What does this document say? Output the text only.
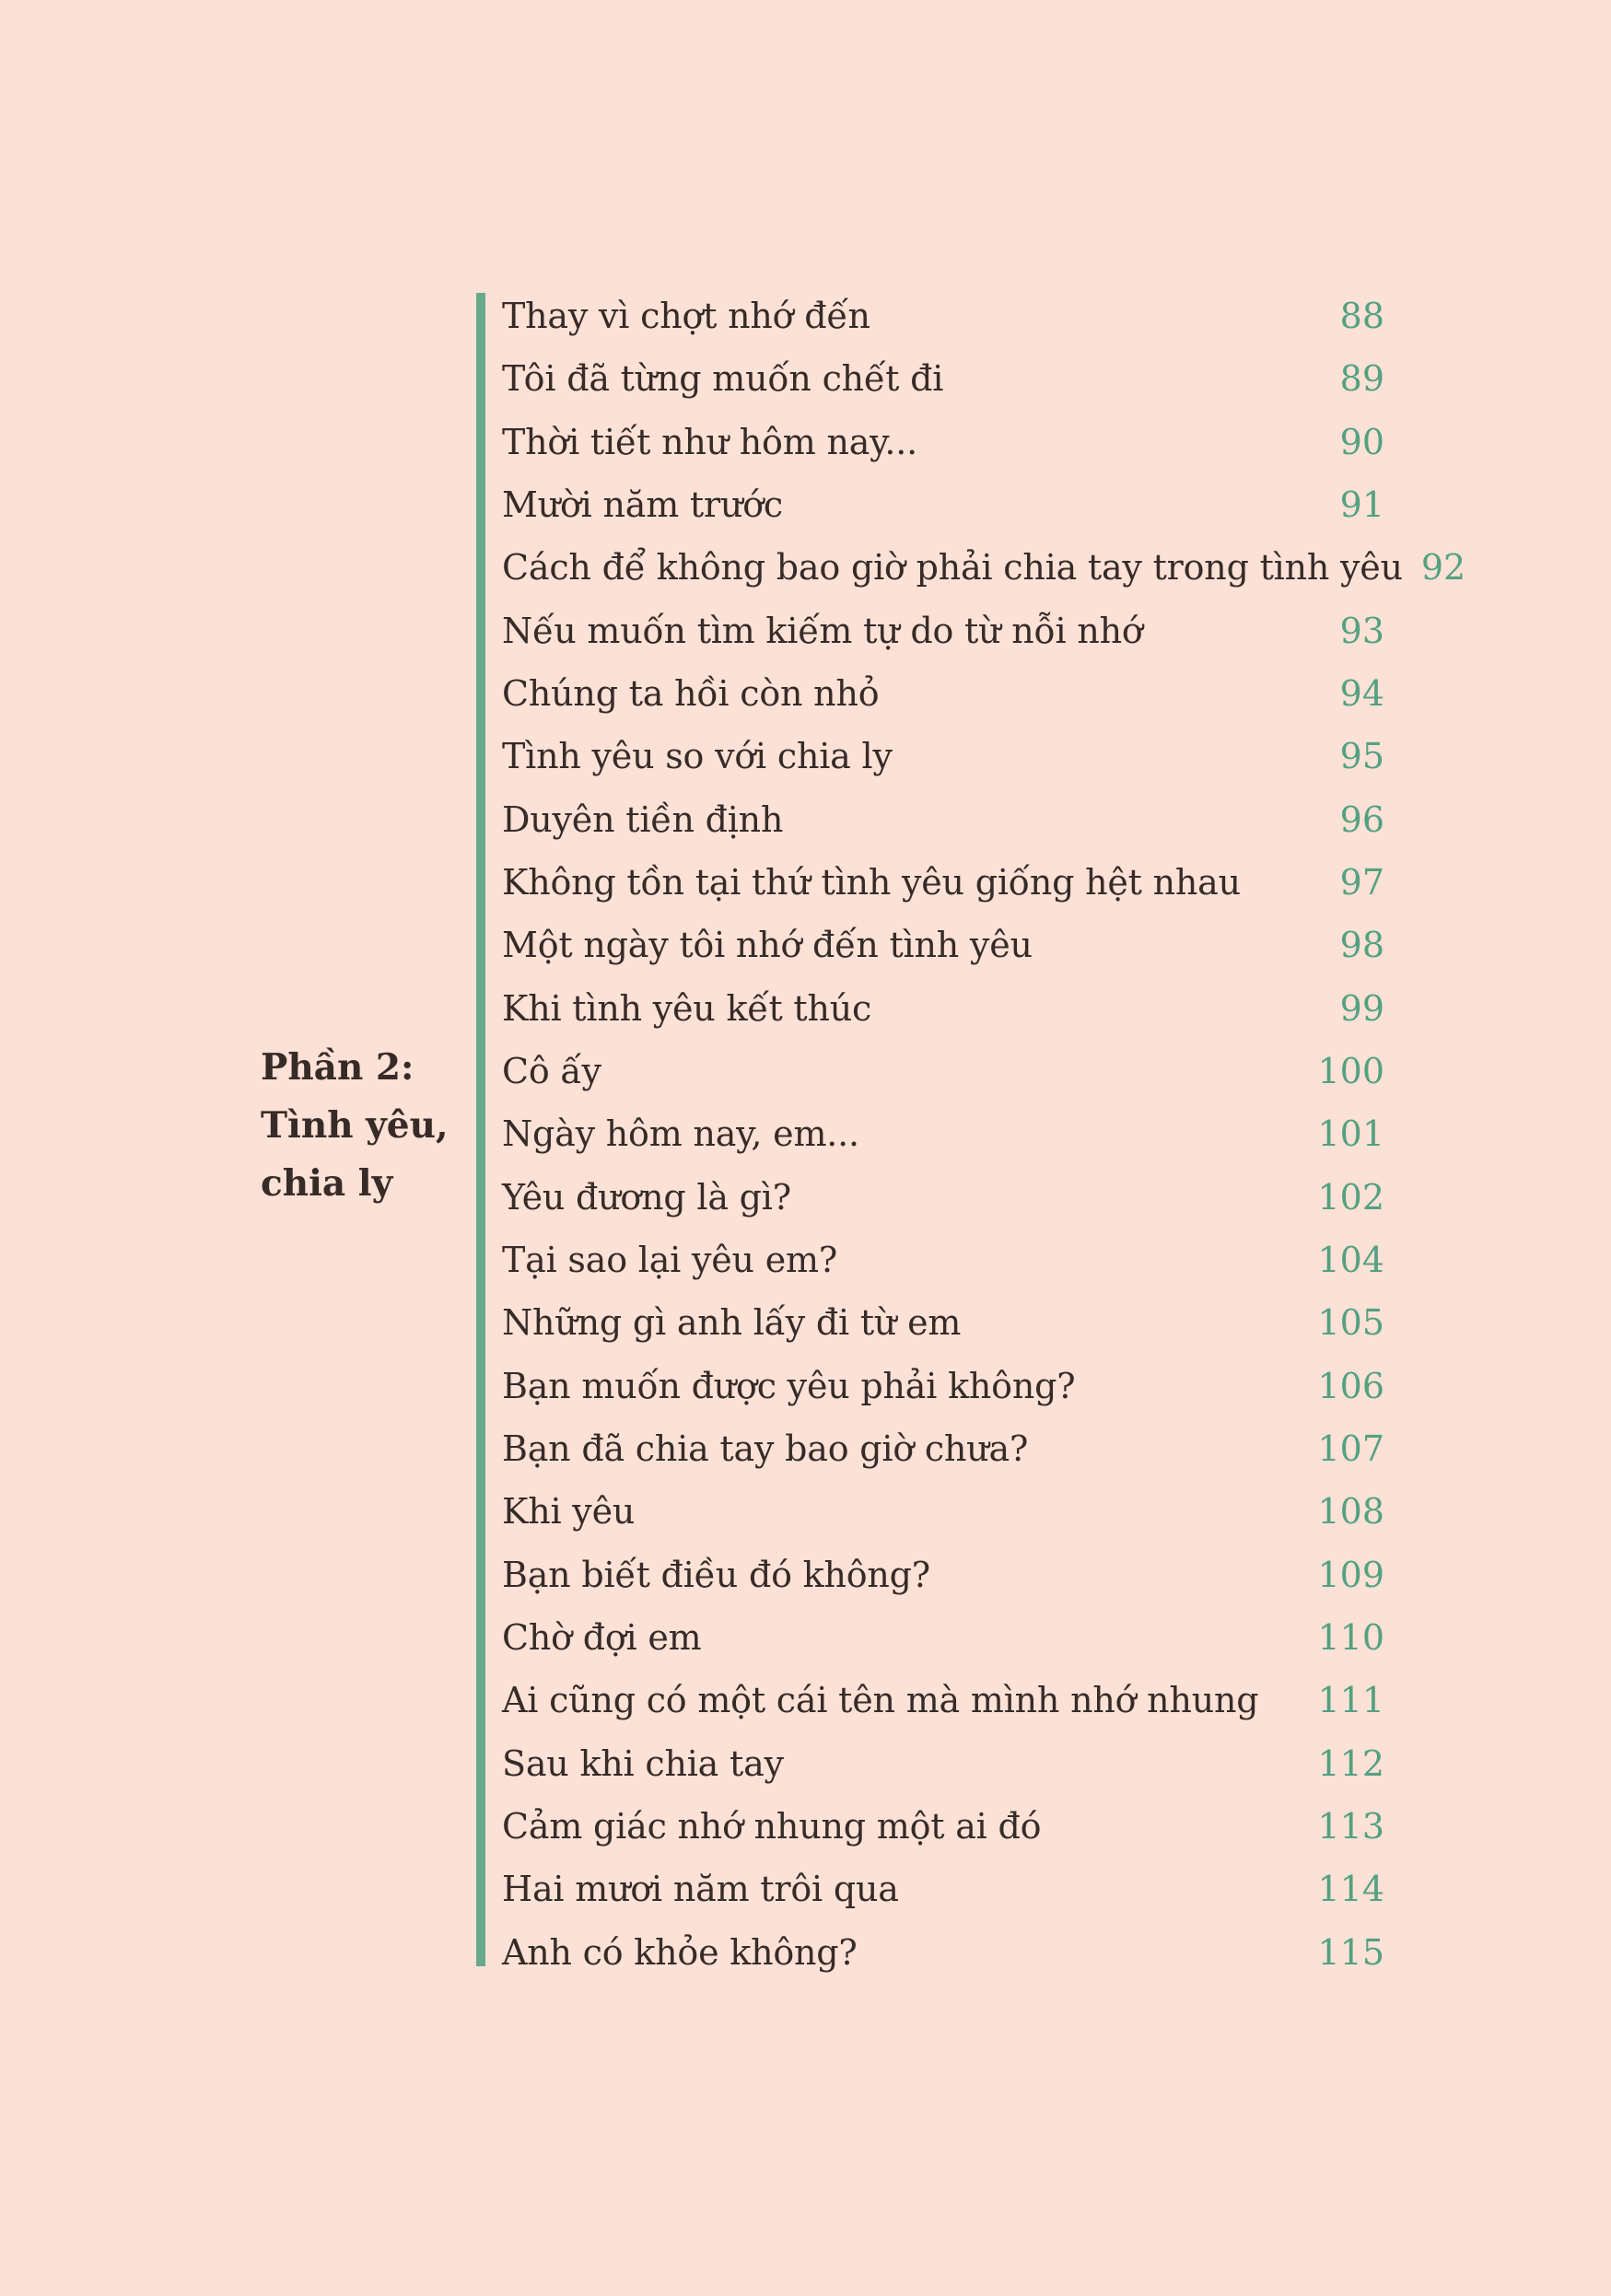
Phần 2:
Tình yêu,
chia ly
Thay vì chợt nhớ đến	88
Tôi đã từng muốn chết đi	89
Thời tiết như hôm nay...	90
Mười năm trước	91
Cách để không bao giờ phải chia tay trong tình yêu 92
Nếu muốn tìm kiếm tự do từ nỗi nhớ	93
Chúng ta hồi còn nhỏ	94
Tình yêu so với chia ly	95
Duyên tiền định	96
Không tồn tại thứ tình yêu giống hệt nhau	97
Một ngày tôi nhớ đến tình yêu	98
Khi tình yêu kết thúc	99
Cô ấy	100
Ngày hôm nay, em...	101
Yêu đương là gì?	102
Tại sao lại yêu em?	104
Những gì anh lấy đi từ em	105
Bạn muốn được yêu phải không?	106
Bạn đã chia tay bao giờ chưa?	107
Khi yêu	108
Bạn biết điều đó không?	109
Chờ đợi em	110
Ai cũng có một cái tên mà mình nhớ nhung	111
Sau khi chia tay	112
Cảm giác nhớ nhung một ai đó	113
Hai mươi năm trôi qua	114
Anh có khỏe không?	115
